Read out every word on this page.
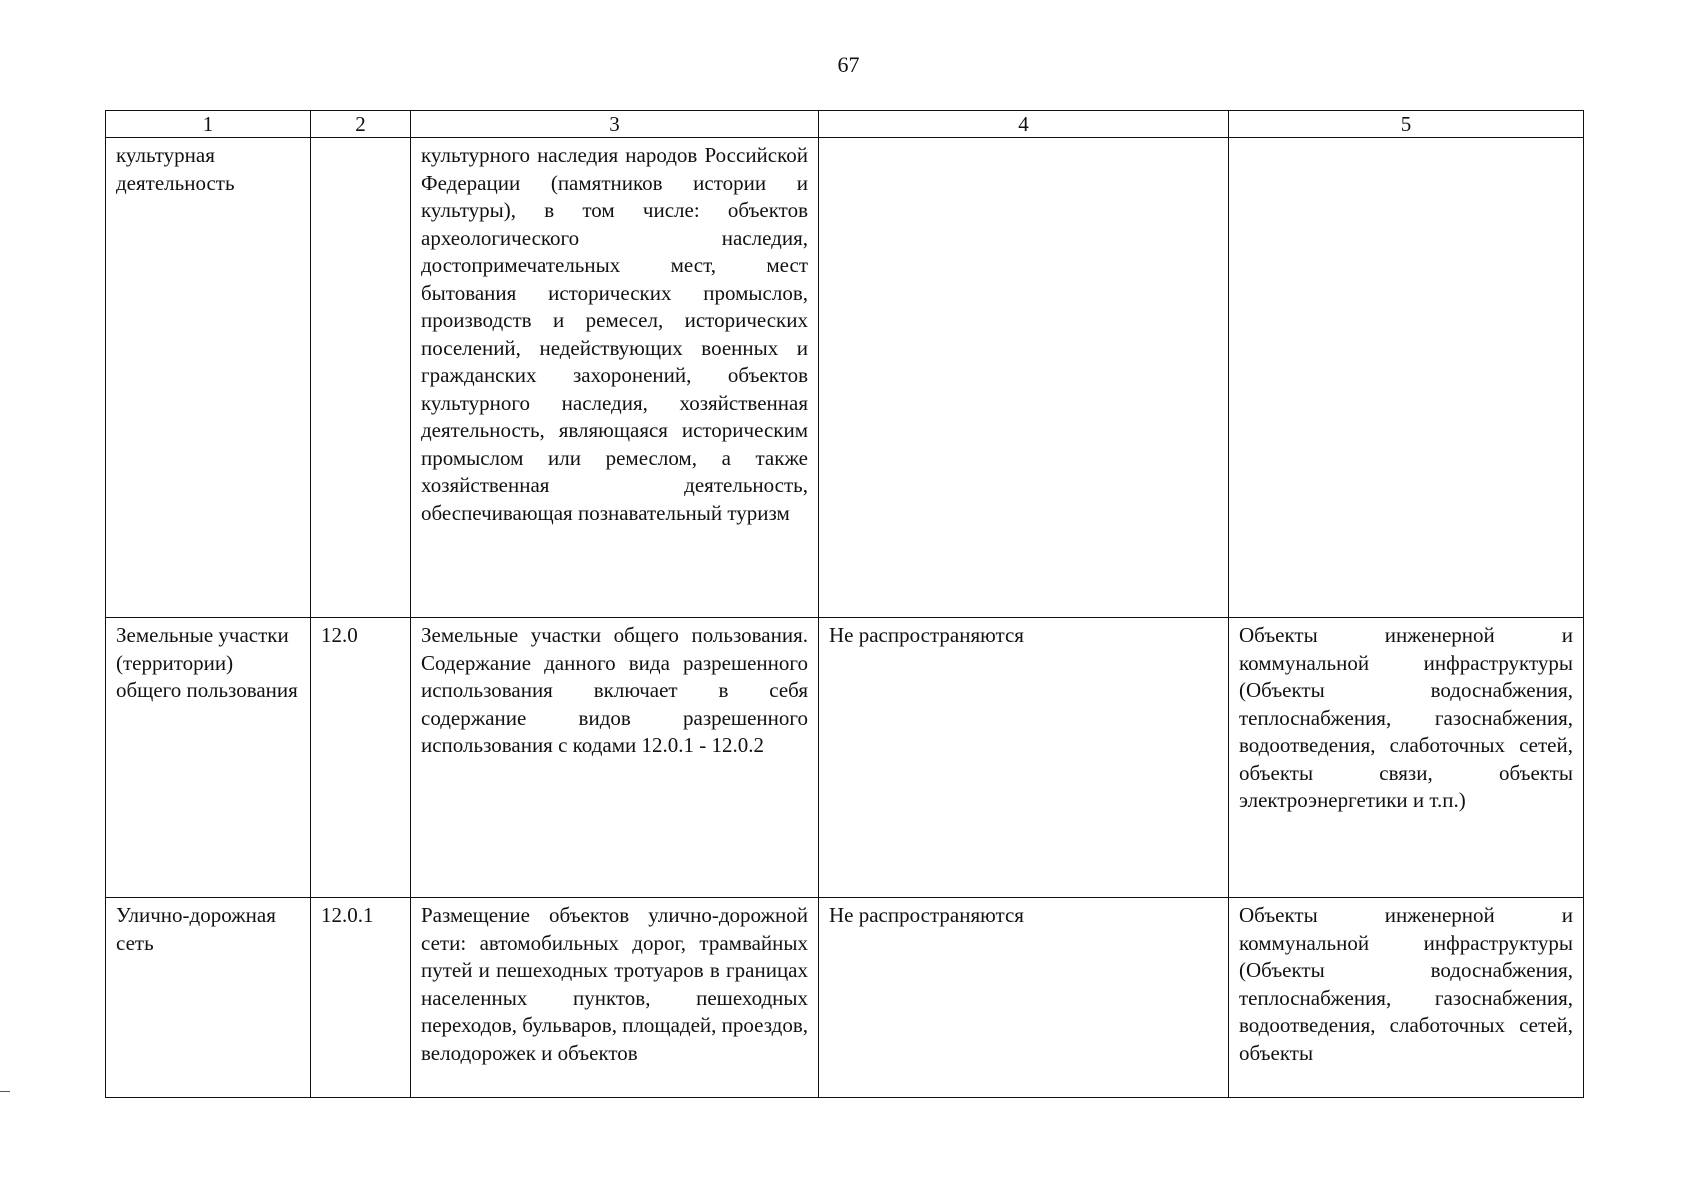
67
1	2	3	4	5
культурная деятельность		культурного наследия народов Российской Федерации (памятников истории и культуры), в том числе: объектов археологического наследия, достопримечательных мест, мест бытования исторических промыслов, производств и ремесел, исторических поселений, недействующих военных и гражданских захоронений, объектов культурного наследия, хозяйственная деятельность, являющаяся историческим промыслом или ремеслом, а также хозяйственная деятельность, обеспечивающая познавательный туризм		
Земельные участки (территории) общего пользования	12.0	Земельные участки общего пользования. Содержание данного вида разрешенного использования включает в себя содержание видов разрешенного использования с кодами 12.0.1 - 12.0.2	Не распространяются	Объекты инженерной и коммунальной инфраструктуры (Объекты водоснабжения, теплоснабжения, газоснабжения, водоотведения, слаботочных сетей, объекты связи, объекты электроэнергетики и т.п.)
Улично-дорожная сеть	12.0.1	Размещение объектов улично-дорожной сети: автомобильных дорог, трамвайных путей и пешеходных тротуаров в границах населенных пунктов, пешеходных переходов, бульваров, площадей, проездов, велодорожек и объектов	Не распространяются	Объекты инженерной и коммунальной инфраструктуры (Объекты водоснабжения, теплоснабжения, газоснабжения, водоотведения, слаботочных сетей, объекты
